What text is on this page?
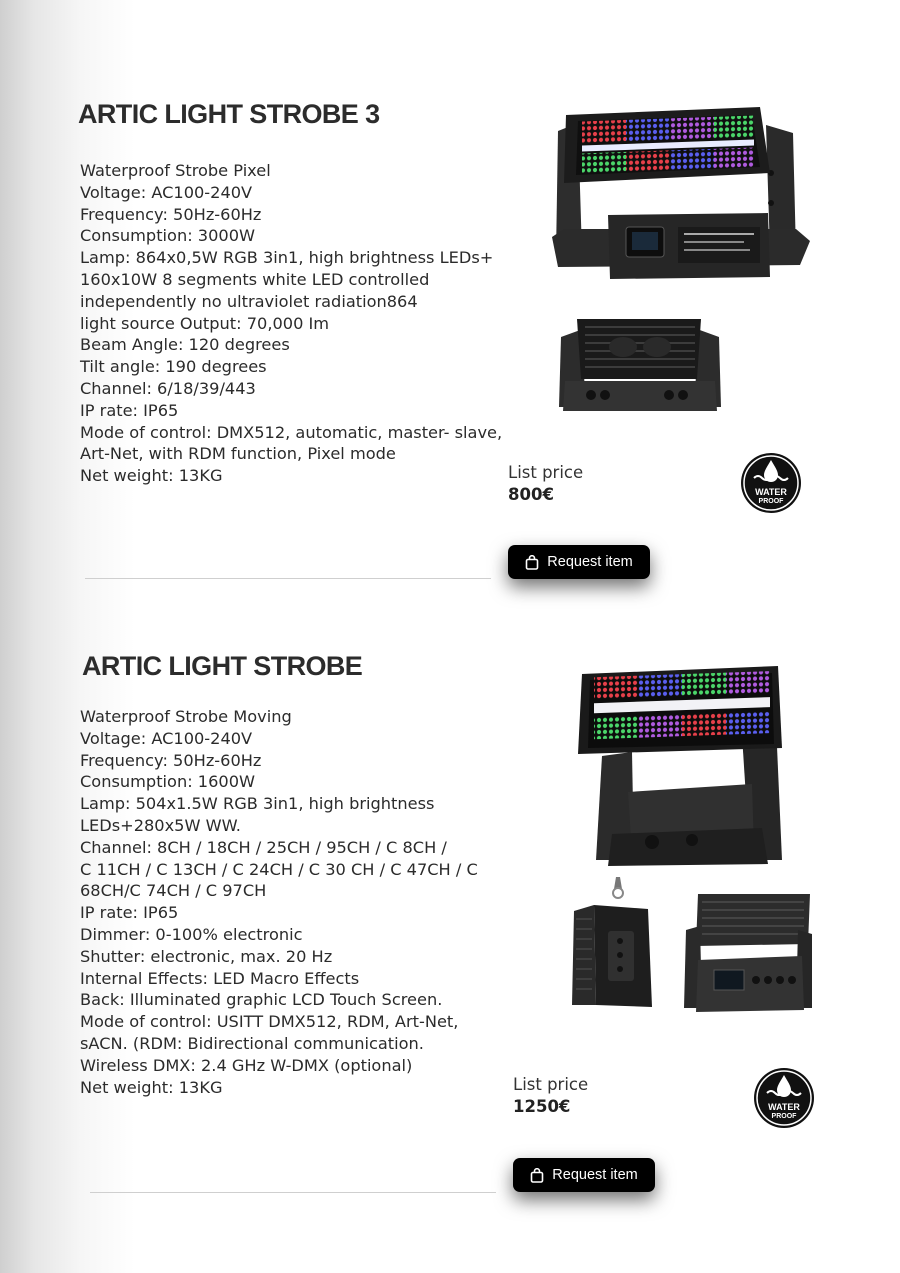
ARTIC LIGHT STROBE 3
Waterproof Strobe Pixel
Voltage: AC100-240V
Frequency: 50Hz-60Hz
Consumption: 3000W
Lamp: 864x0,5W RGB 3in1, high brightness LEDs+
160x10W 8 segments white LED controlled
independently no ultraviolet radiation864
light source Output: 70,000 Im
Beam Angle: 120 degrees
Tilt angle: 190 degrees
Channel: 6/18/39/443
IP rate: IP65
Mode of control: DMX512, automatic, master- slave,
Art-Net, with RDM function, Pixel mode
Net weight: 13KG	List price
800€	WATER
PROOF
Request item
ARTIC LIGHT STROBE
Waterproof Strobe Moving
Voltage: AC100-240V
Frequency: 50Hz-60Hz
Consumption: 1600W
Lamp: 504x1.5W RGB 3in1, high brightness
LEDs+280x5W WW.
Channel: 8CH / 18CH / 25CH / 95CH / C 8CH /
C 11CH / C 13CH / C 24CH / C 30 CH / C 47CH / C
68CH/C 74CH / C 97CH
IP rate: IP65
Dimmer: 0-100% electronic
Shutter: electronic, max. 20 Hz
Internal Effects: LED Macro Effects
Back: Illuminated graphic LCD Touch Screen.
Mode of control: USITT DMX512, RDM, Art-Net,
sACN. (RDM: Bidirectional communication.
Wireless DMX: 2.4 GHz W-DMX (optional)
Net weight: 13KG	List price
1250€	WATER
PROOF
Request item
